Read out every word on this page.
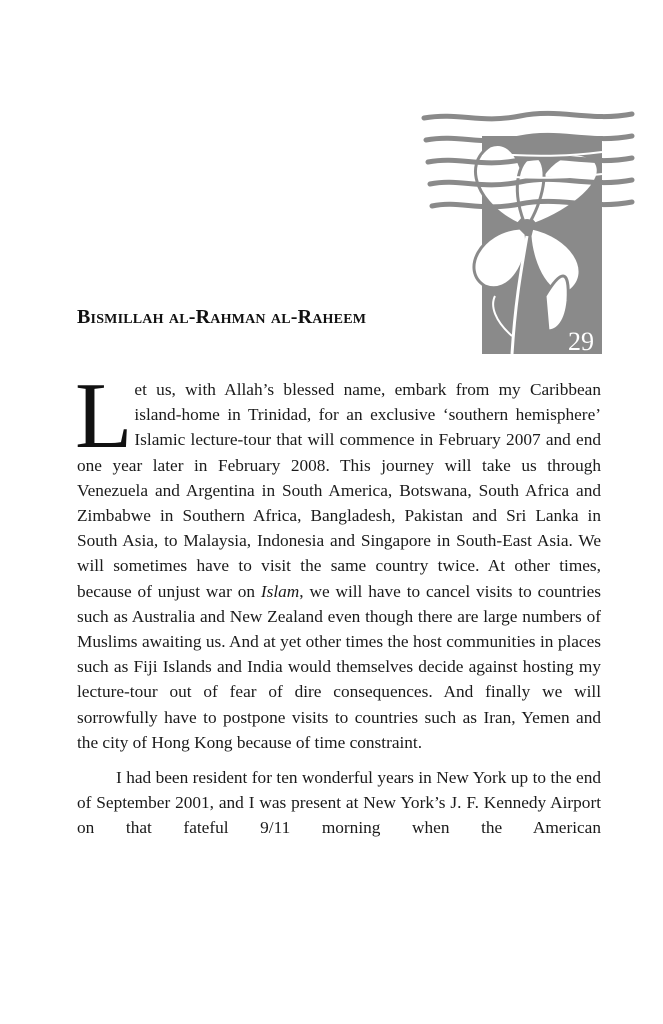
29
Bismillah al-Rahman al-Raheem

Let us, with Allah’s blessed name, embark from my Caribbean island-home in Trinidad, for an exclusive ‘southern hemisphere’ Islamic lecture-tour that will commence in February 2007 and end one year later in February 2008. This journey will take us through Venezuela and Argentina in South America, Botswana, South Africa and Zimbabwe in Southern Africa, Bangladesh, Pakistan and Sri Lanka in South Asia, to Malaysia, Indonesia and Singapore in South-East Asia. We will sometimes have to visit the same country twice. At other times, because of unjust war on Islam, we will have to cancel visits to countries such as Australia and New Zealand even though there are large numbers of Muslims awaiting us. And at yet other times the host communities in places such as Fiji Islands and India would themselves decide against hosting my lecture-tour out of fear of dire consequences. And finally we will sorrowfully have to postpone visits to countries such as Iran, Yemen and the city of Hong Kong because of time constraint.

I had been resident for ten wonderful years in New York up to the end of September 2001, and I was present at New York’s J. F. Kennedy Airport on that fateful 9/11 morning when the American
